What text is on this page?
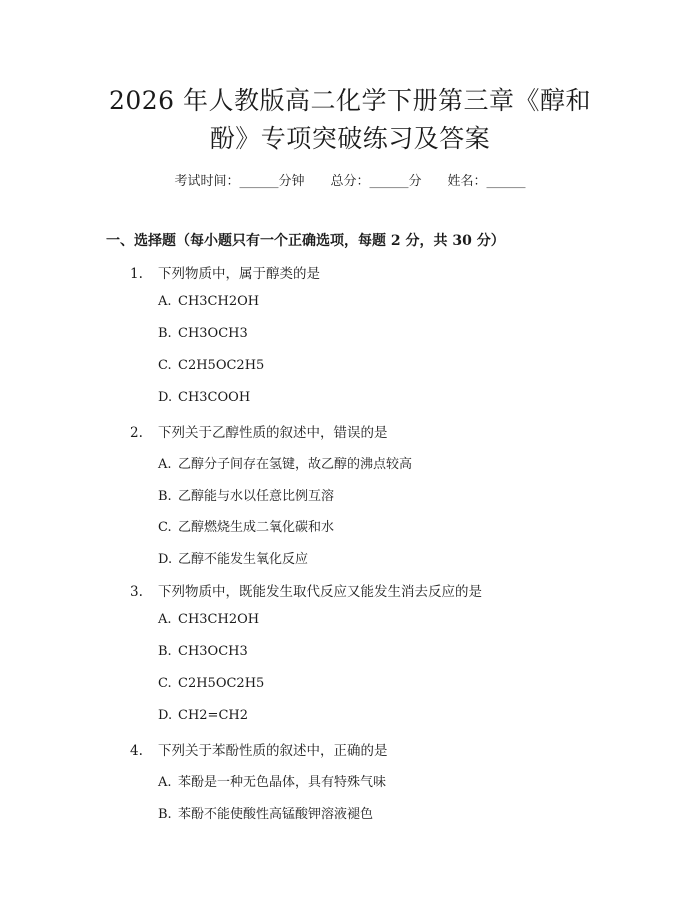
2026 年人教版高二化学下册第三章《醇和
酚》专项突破练习及答案
考试时间：______分钟　　总分：______分　　姓名：______
一、选择题（每小题只有一个正确选项，每题 2 分，共 30 分）
1. 下列物质中，属于醇类的是
A. CH3CH2OH
B. CH3OCH3
C. C2H5OC2H5
D. CH3COOH
2. 下列关于乙醇性质的叙述中，错误的是
A. 乙醇分子间存在氢键，故乙醇的沸点较高
B. 乙醇能与水以任意比例互溶
C. 乙醇燃烧生成二氧化碳和水
D. 乙醇不能发生氧化反应
3. 下列物质中，既能发生取代反应又能发生消去反应的是
A. CH3CH2OH
B. CH3OCH3
C. C2H5OC2H5
D. CH2=CH2
4. 下列关于苯酚性质的叙述中，正确的是
A. 苯酚是一种无色晶体，具有特殊气味
B. 苯酚不能使酸性高锰酸钾溶液褪色
